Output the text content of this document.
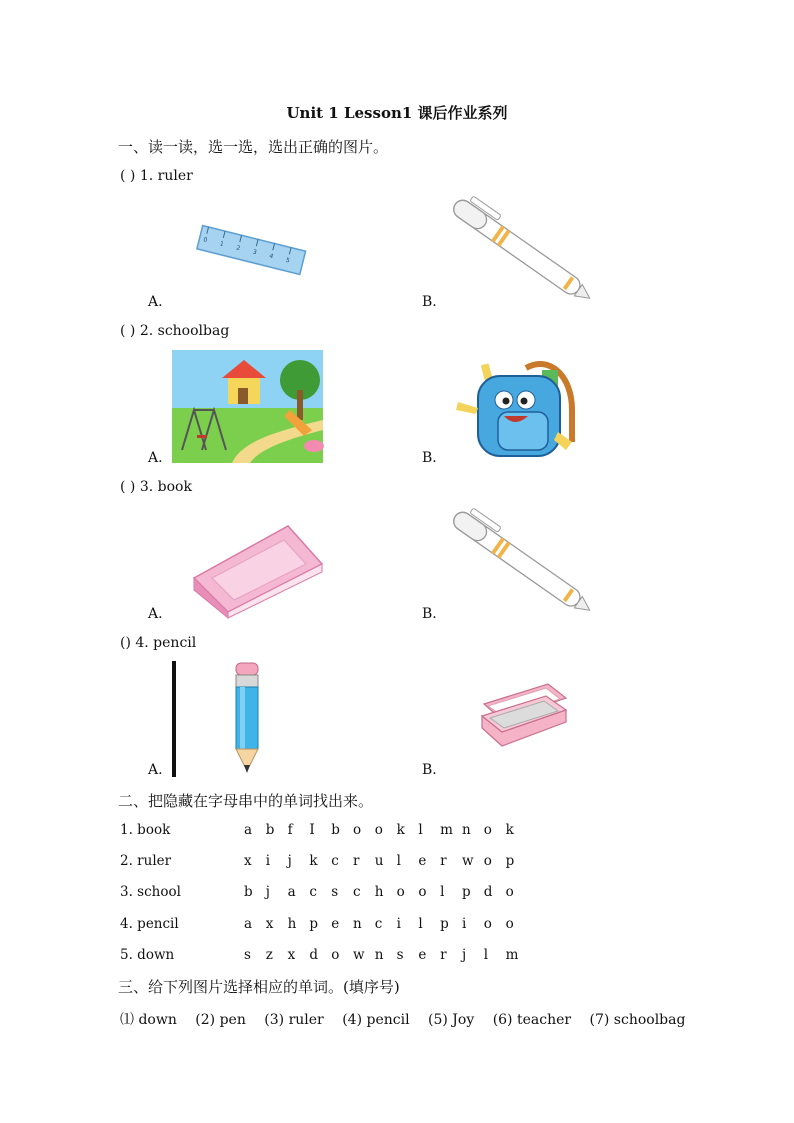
Unit 1 Lesson1 课后作业系列
一、读一读，选一选，选出正确的图片。
( ) 1. ruler
0
1
2
3
4
5
A.	B.
( ) 2. schoolbag
A.	B.
( ) 3. book
A.	B.
() 4. pencil
A.	B.
二、把隐藏在字母串中的单词找出来。
1. book	a	b f	I	b o	o	k	l	m n o	k
2. ruler	x	i	j	k	c	r	u l	e	r	w o	p
3. school	b j	a	c	s	c	h o	o	l	p d o
4. pencil	a	x	h p e	n c	i	l	p i	o	o
5. down	s	z	x	d o	w n s	e	r	j	l	m
三、给下列图片选择相应的单词。(填序号)
⑴ down (2) pen (3) ruler (4) pencil (5) Joy (6) teacher (7) schoolbag
